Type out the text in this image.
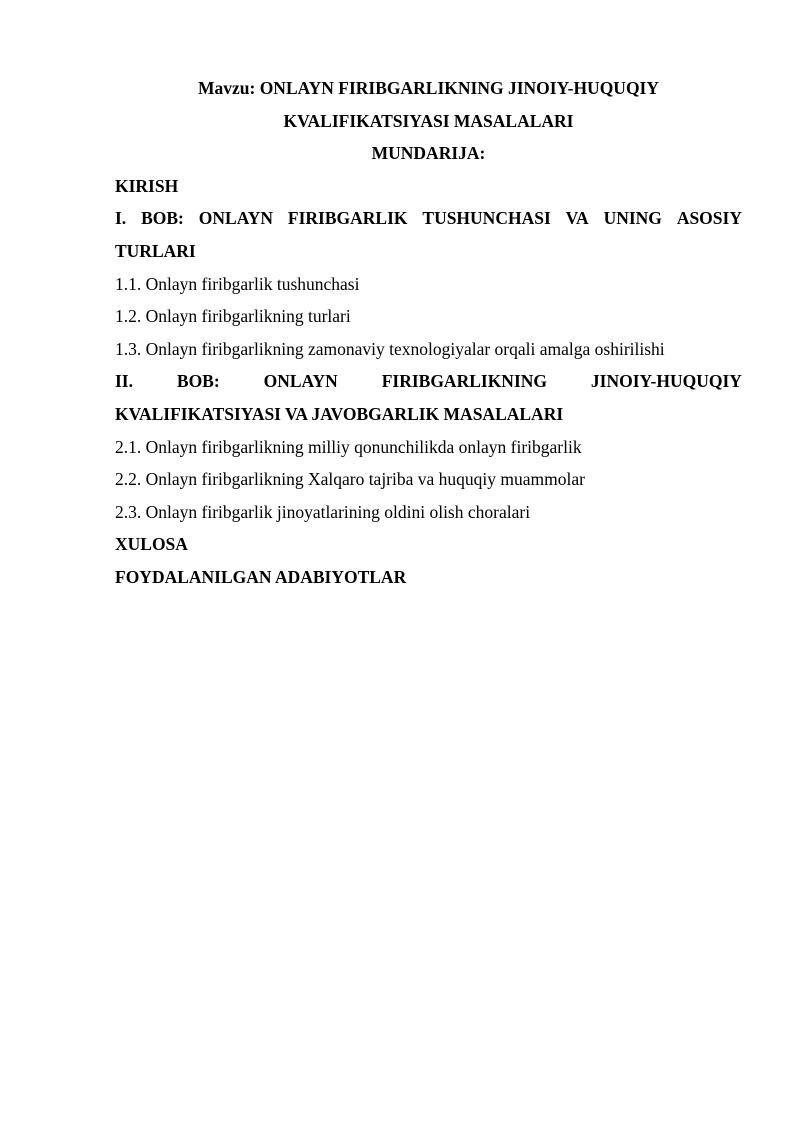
Mavzu: ONLAYN FIRIBGARLIKNING JINOIY-HUQUQIY
KVALIFIKATSIYASI MASALALARI
MUNDARIJA:
KIRISH
I. BOB: ONLAYN FIRIBGARLIK TUSHUNCHASI VA UNING ASOSIY
TURLARI
1.1. Onlayn firibgarlik tushunchasi
1.2. Onlayn firibgarlikning turlari
1.3. Onlayn firibgarlikning zamonaviy texnologiyalar orqali amalga oshirilishi
II.	BOB:	ONLAYN	FIRIBGARLIKNING	JINOIY-HUQUQIY
KVALIFIKATSIYASI VA JAVOBGARLIK MASALALARI
2.1. Onlayn firibgarlikning milliy qonunchilikda onlayn firibgarlik
2.2. Onlayn firibgarlikning Xalqaro tajriba va huquqiy muammolar
2.3. Onlayn firibgarlik jinoyatlarining oldini olish choralari
XULOSA
FOYDALANILGAN ADABIYOTLAR
